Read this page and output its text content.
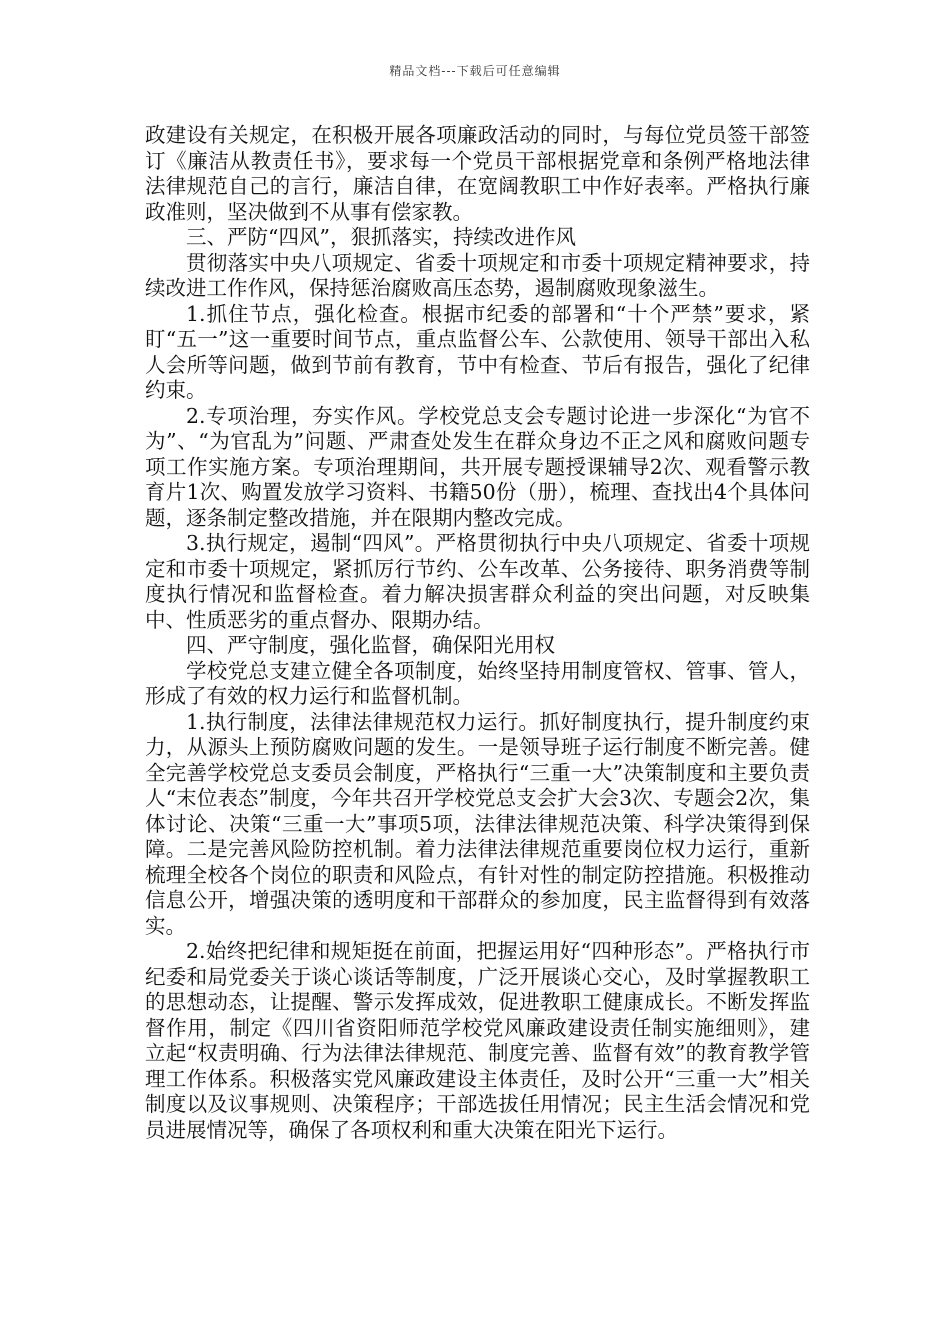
精品文档---下载后可任意编辑

政建设有关规定，在积极开展各项廉政活动的同时，与每位党员签干部签订《廉洁从教责任书》，要求每一个党员干部根据党章和条例严格地法律法律规范自己的言行，廉洁自律，在宽阔教职工中作好表率。严格执行廉政准则，坚决做到不从事有偿家教。

三、严防“四风”，狠抓落实，持续改进作风

贯彻落实中央八项规定、省委十项规定和市委十项规定精神要求，持续改进工作作风，保持惩治腐败高压态势，遏制腐败现象滋生。

1.抓住节点，强化检查。根据市纪委的部署和“十个严禁”要求，紧盯“五一”这一重要时间节点，重点监督公车、公款使用、领导干部出入私人会所等问题，做到节前有教育，节中有检查、节后有报告，强化了纪律约束。

2.专项治理，夯实作风。学校党总支会专题讨论进一步深化“为官不为”、“为官乱为”问题、严肃查处发生在群众身边不正之风和腐败问题专项工作实施方案。专项治理期间，共开展专题授课辅导2次、观看警示教育片1次、购置发放学习资料、书籍50份（册），梳理、查找出4个具体问题，逐条制定整改措施，并在限期内整改完成。

3.执行规定，遏制“四风”。严格贯彻执行中央八项规定、省委十项规定和市委十项规定，紧抓厉行节约、公车改革、公务接待、职务消费等制度执行情况和监督检查。着力解决损害群众利益的突出问题，对反映集中、性质恶劣的重点督办、限期办结。

四、严守制度，强化监督，确保阳光用权

学校党总支建立健全各项制度，始终坚持用制度管权、管事、管人，形成了有效的权力运行和监督机制。

1.执行制度，法律法律规范权力运行。抓好制度执行，提升制度约束力，从源头上预防腐败问题的发生。一是领导班子运行制度不断完善。健全完善学校党总支委员会制度，严格执行“三重一大”决策制度和主要负责人“末位表态”制度，今年共召开学校党总支会扩大会3次、专题会2次，集体讨论、决策“三重一大”事项5项，法律法律规范决策、科学决策得到保障。二是完善风险防控机制。着力法律法律规范重要岗位权力运行，重新梳理全校各个岗位的职责和风险点，有针对性的制定防控措施。积极推动信息公开，增强决策的透明度和干部群众的参加度，民主监督得到有效落实。

2.始终把纪律和规矩挺在前面，把握运用好“四种形态”。严格执行市纪委和局党委关于谈心谈话等制度，广泛开展谈心交心，及时掌握教职工的思想动态，让提醒、警示发挥成效，促进教职工健康成长。不断发挥监督作用，制定《四川省资阳师范学校党风廉政建设责任制实施细则》，建立起“权责明确、行为法律法律规范、制度完善、监督有效”的教育教学管理工作体系。积极落实党风廉政建设主体责任，及时公开“三重一大”相关制度以及议事规则、决策程序；干部选拔任用情况；民主生活会情况和党员进展情况等，确保了各项权利和重大决策在阳光下运行。
